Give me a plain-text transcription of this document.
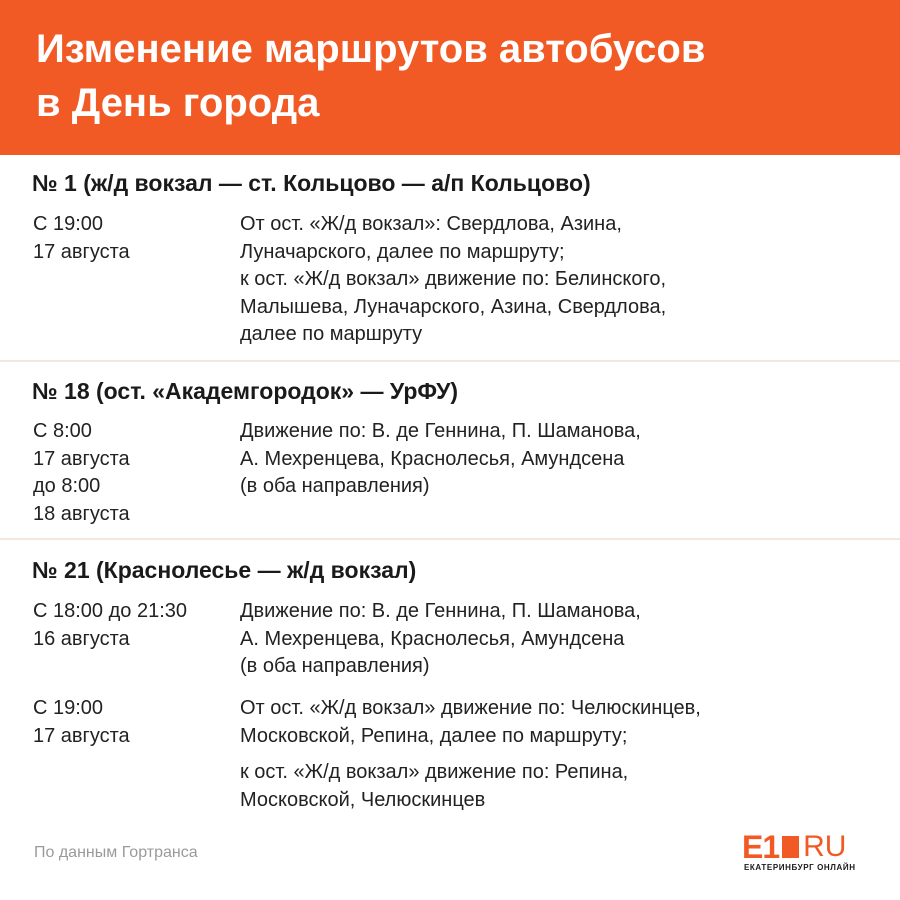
Изменение маршрутов автобусов
в День города
№ 1 (ж/д вокзал — ст. Кольцово — а/п Кольцово)
С 19:00
17 августа
От ост. «Ж/д вокзал»: Свердлова, Азина,
Луначарского, далее по маршруту;
к ост. «Ж/д вокзал» движение по: Белинского,
Малышева, Луначарского, Азина, Свердлова,
далее по маршруту
№ 18 (ост. «Академгородок» — УрФУ)
С 8:00
17 августа
до 8:00
18 августа
Движение по: В. де Геннина, П. Шаманова,
А. Мехренцева, Краснолесья, Амундсена
(в оба направления)
№ 21 (Краснолесье — ж/д вокзал)
С 18:00 до 21:30
16 августа
Движение по: В. де Геннина, П. Шаманова,
А. Мехренцева, Краснолесья, Амундсена
(в оба направления)
С 19:00
17 августа
От ост. «Ж/д вокзал» движение по: Челюскинцев,
Московской, Репина, далее по маршруту;
к ост. «Ж/д вокзал» движение по: Репина,
Московской, Челюскинцев
По данным Гортранса	E1 RU
ЕКАТЕРИНБУРГ ОНЛАЙН
